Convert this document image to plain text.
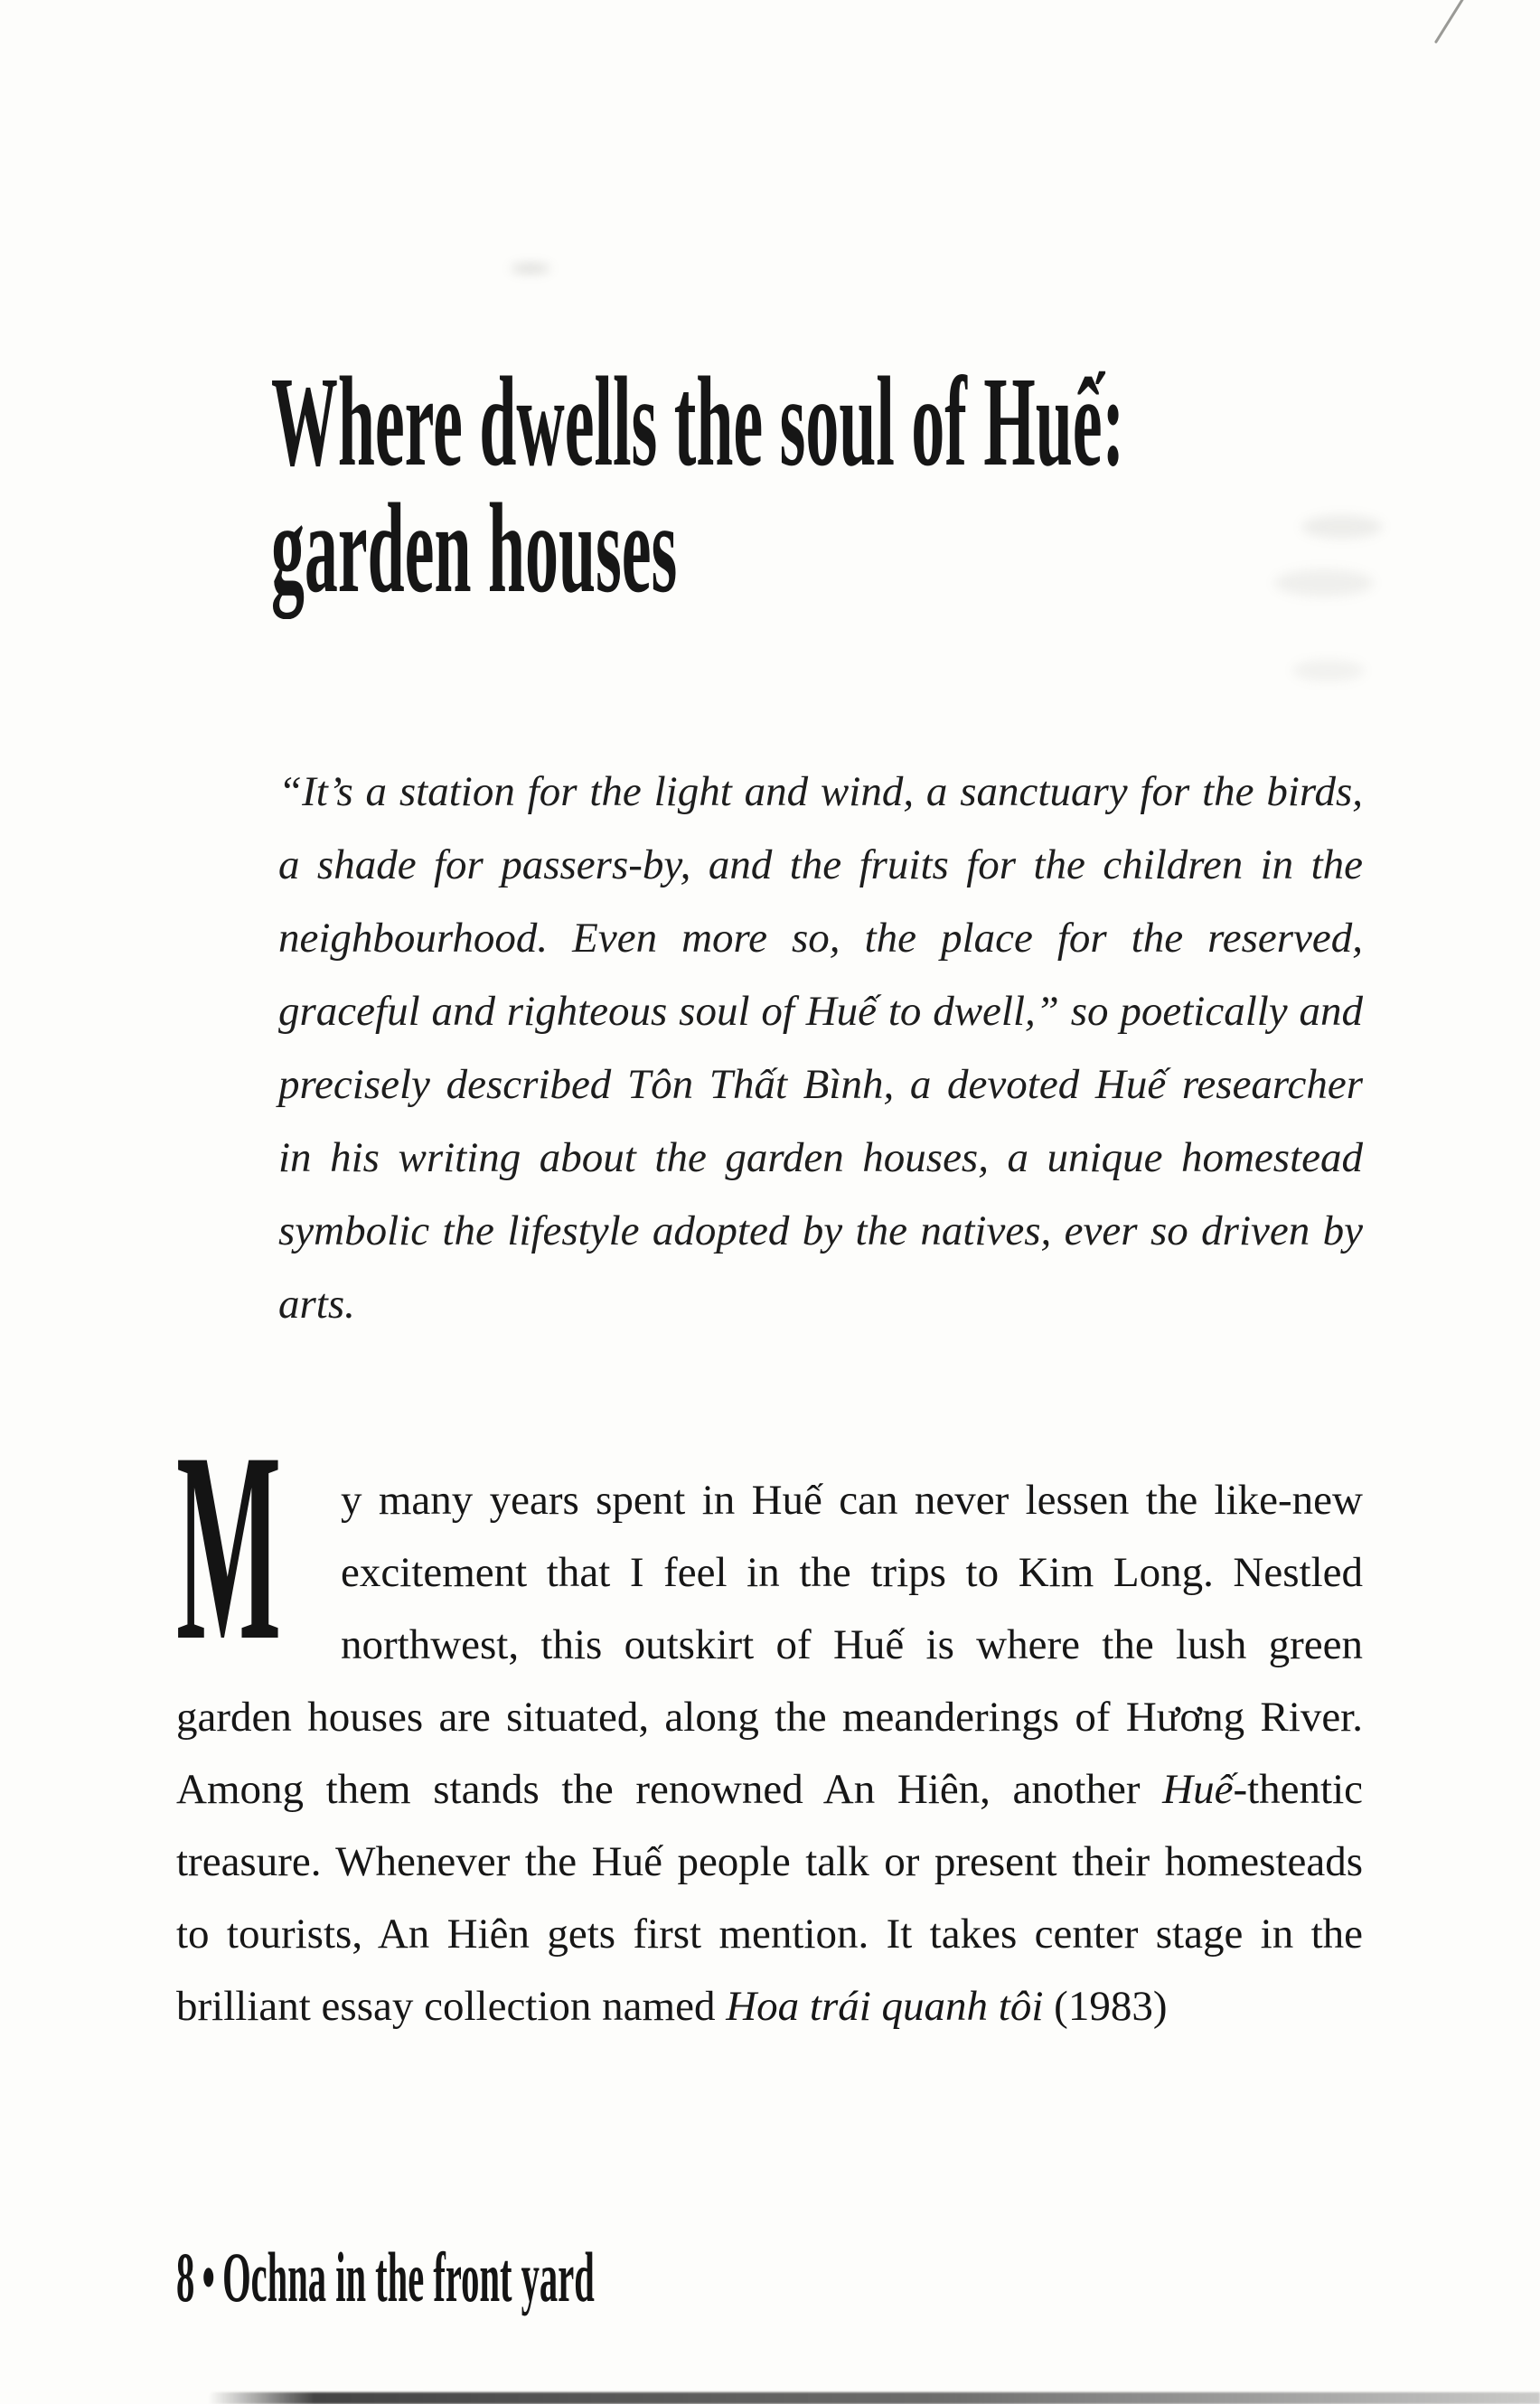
Where dwells the soul of Huế:
garden houses

“It’s a station for the light and wind, a sanctuary for the birds, a shade for passers-by, and the fruits for the children in the neighbourhood. Even more so, the place for the reserved, graceful and righteous soul of Huế to dwell,” so poetically and precisely described Tôn Thất Bình, a devoted Huế researcher in his writing about the garden houses, a unique homestead symbolic the lifestyle adopted by the natives, ever so driven by arts.

M y many years spent in Huế can never lessen the like-new excitement that I feel in the trips to Kim Long. Nestled northwest, this outskirt of Huế is where the lush green garden houses are situated, along the meanderings of Hương River. Among them stands the renowned An Hiên, another Huế-thentic treasure. Whenever the Huế people talk or present their homesteads to tourists, An Hiên gets first mention. It takes center stage in the brilliant essay collection named Hoa trái quanh tôi (1983)

8 • Ochna in the front yard
